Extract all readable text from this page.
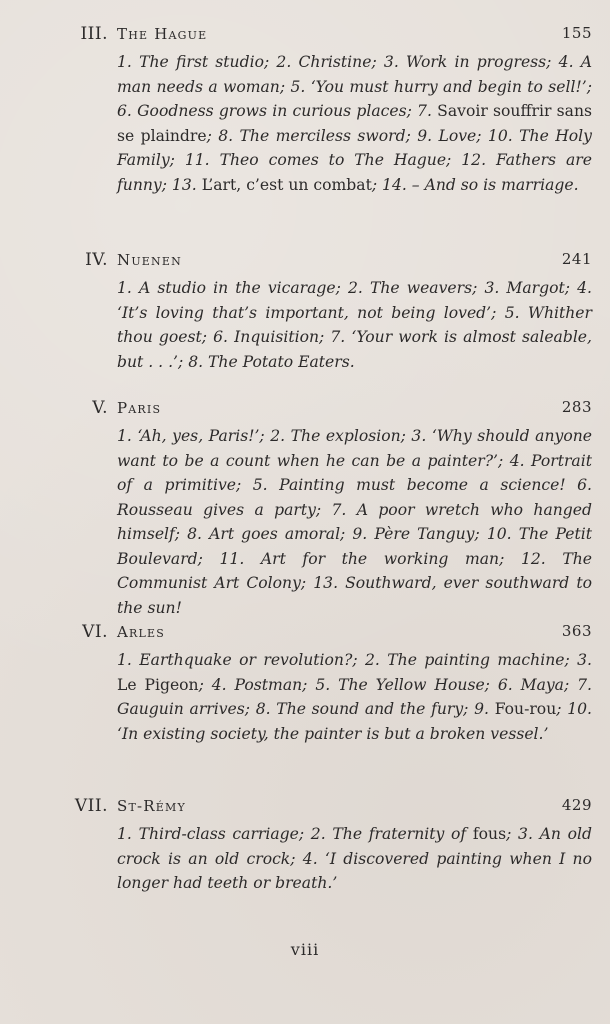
III. The Hague	155
1. The first studio; 2. Christine; 3. Work in progress; 4. A man needs a woman; 5. ‘You must hurry and begin to sell!’; 6. Goodness grows in curious places; 7. Savoir souffrir sans se plaindre; 8. The merciless sword; 9. Love; 10. The Holy Family; 11. Theo comes to The Hague; 12. Fathers are funny; 13. L’art, c’est un combat; 14. – And so is marriage.
IV. Nuenen	241
1. A studio in the vicarage; 2. The weavers; 3. Margot; 4. ‘It’s loving that’s important, not being loved’; 5. Whither thou goest; 6. Inquisition; 7. ‘Your work is almost saleable, but . . .’; 8. The Potato Eaters.
V. Paris	283
1. ‘Ah, yes, Paris!’; 2. The explosion; 3. ‘Why should anyone want to be a count when he can be a painter?’; 4. Portrait of a primitive; 5. Painting must become a science! 6. Rousseau gives a party; 7. A poor wretch who hanged himself; 8. Art goes amoral; 9. Père Tanguy; 10. The Petit Boulevard; 11. Art for the working man; 12. The Communist Art Colony; 13. Southward, ever southward to the sun!
VI. Arles	363
1. Earthquake or revolution?; 2. The painting machine; 3. Le Pigeon; 4. Postman; 5. The Yellow House; 6. Maya; 7. Gauguin arrives; 8. The sound and the fury; 9. Fou-rou; 10. ‘In existing society, the painter is but a broken vessel.’
VII. St-Rémy	429
1. Third-class carriage; 2. The fraternity of fous; 3. An old crock is an old crock; 4. ‘I discovered painting when I no longer had teeth or breath.’
viii
